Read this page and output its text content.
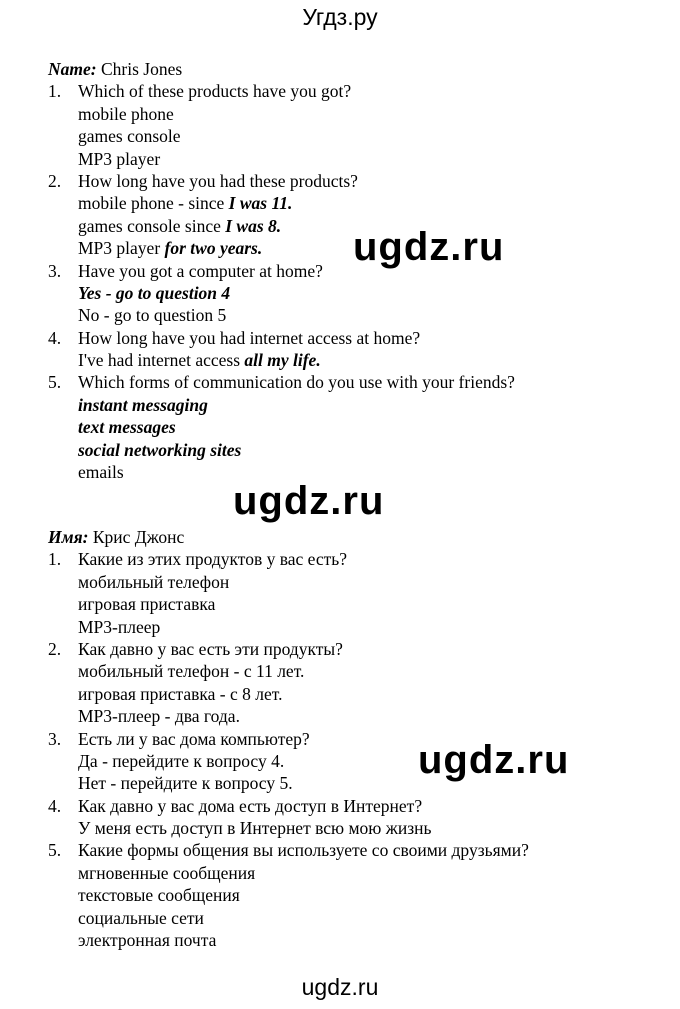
Угдз.ру
ugdz.ru
ugdz.ru
ugdz.ru
Name: Chris Jones
1. Which of these products have you got?
mobile phone
games console
MP3 player
2. How long have you had these products?
mobile phone - since I was 11.
games console since I was 8.
MP3 player for two years.
3. Have you got a computer at home?
Yes - go to question 4
No - go to question 5
4. How long have you had internet access at home?
I've had internet access all my life.
5. Which forms of communication do you use with your friends?
instant messaging
text messages
social networking sites
emails
Имя: Крис Джонс
1. Какие из этих продуктов у вас есть?
мобильный телефон
игровая приставка
MP3-плеер
2. Как давно у вас есть эти продукты?
мобильный телефон - с 11 лет.
игровая приставка - с 8 лет.
MP3-плеер - два года.
3. Есть ли у вас дома компьютер?
Да - перейдите к вопросу 4.
Нет - перейдите к вопросу 5.
4. Как давно у вас дома есть доступ в Интернет?
У меня есть доступ в Интернет всю мою жизнь
5. Какие формы общения вы используете со своими друзьями?
мгновенные сообщения
текстовые сообщения
социальные сети
электронная почта
ugdz.ru
